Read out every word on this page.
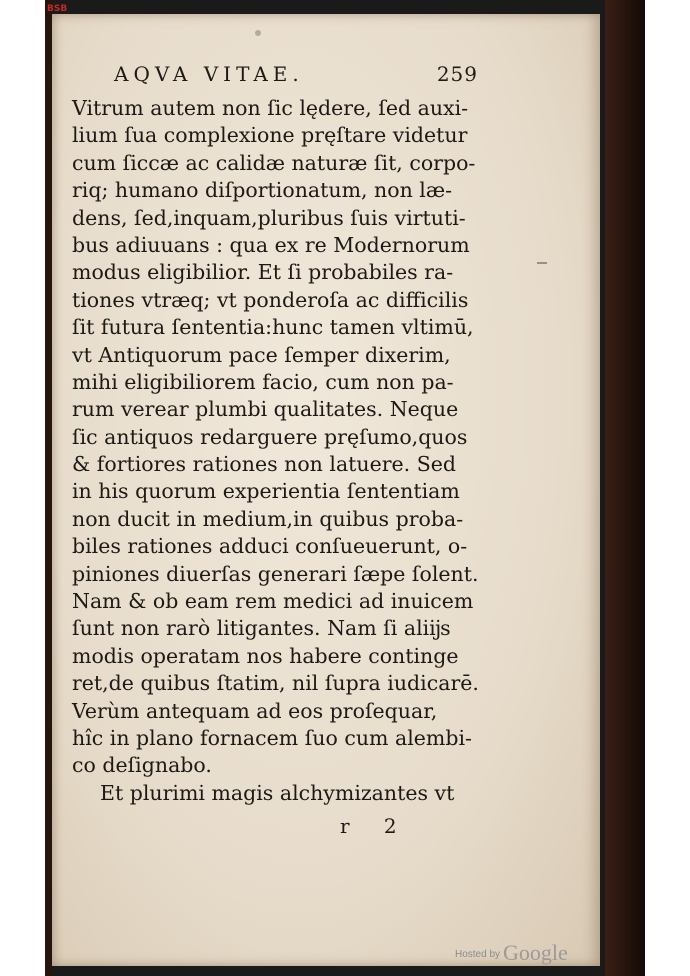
BSB
AQVA VITAE.	259
Vitrum autem non ſic lędere, ſed auxi-
lium ſua complexione pręſtare videtur
cum ſiccæ ac calidæ naturæ ſit, corpo-
riq; humano diſportionatum, non læ-
dens, ſed,inquam,pluribus ſuis virtuti-
bus adiuuans : qua ex re Modernorum
modus eligibilior. Et ſi probabiles ra-
tiones vtræq; vt ponderoſa ac difficilis
ſit futura ſententia:hunc tamen vltimū,
vt Antiquorum pace ſemper dixerim,
mihi eligibiliorem facio, cum non pa-
rum verear plumbi qualitates. Neque
ſic antiquos redarguere pręſumo,quos
& fortiores rationes non latuere. Sed
in his quorum experientia ſententiam
non ducit in medium,in quibus proba-
biles rationes adduci conſueuerunt, o-
piniones diuerſas generari ſæpe ſolent.
Nam & ob eam rem medici ad inuicem
ſunt non rarò litigantes. Nam ſi aliĳs
modis operatam nos habere continge
ret,de quibus ſtatim, nil ſupra iudicarē.
Verùm antequam ad eos proſequar,
hîc in plano fornacem ſuo cum alembi-
co deſignabo.
Et plurimi magis alchymizantes vt
r 2
Hosted by Google
